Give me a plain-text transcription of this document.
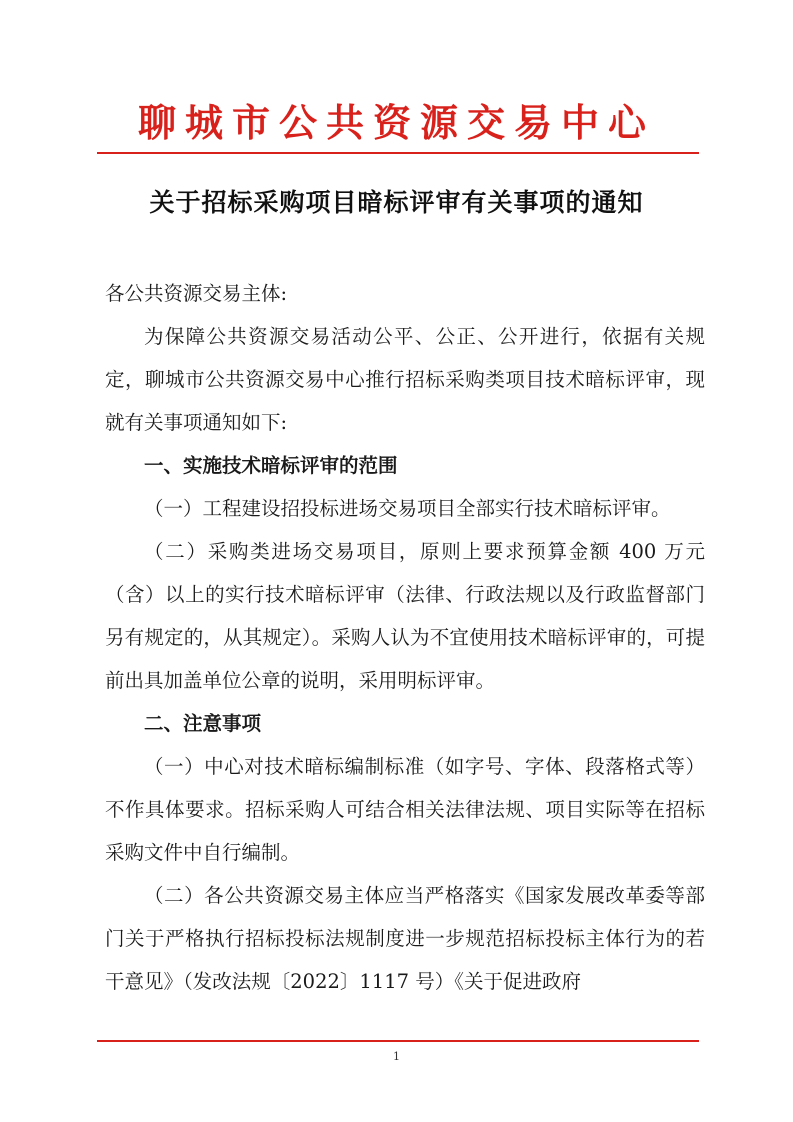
聊城市公共资源交易中心
关于招标采购项目暗标评审有关事项的通知
各公共资源交易主体:

为保障公共资源交易活动公平、公正、公开进行，依据有关规定，聊城市公共资源交易中心推行招标采购类项目技术暗标评审，现就有关事项通知如下:

一、实施技术暗标评审的范围

（一）工程建设招投标进场交易项目全部实行技术暗标评审。

（二）采购类进场交易项目，原则上要求预算金额 400 万元（含）以上的实行技术暗标评审（法律、行政法规以及行政监督部门另有规定的，从其规定）。采购人认为不宜使用技术暗标评审的，可提前出具加盖单位公章的说明，采用明标评审。

二、注意事项

（一）中心对技术暗标编制标准（如字号、字体、段落格式等）不作具体要求。招标采购人可结合相关法律法规、项目实际等在招标采购文件中自行编制。

（二）各公共资源交易主体应当严格落实《国家发展改革委等部门关于严格执行招标投标法规制度进一步规范招标投标主体行为的若干意见》（发改法规〔2022〕1117 号）《关于促进政府

1
